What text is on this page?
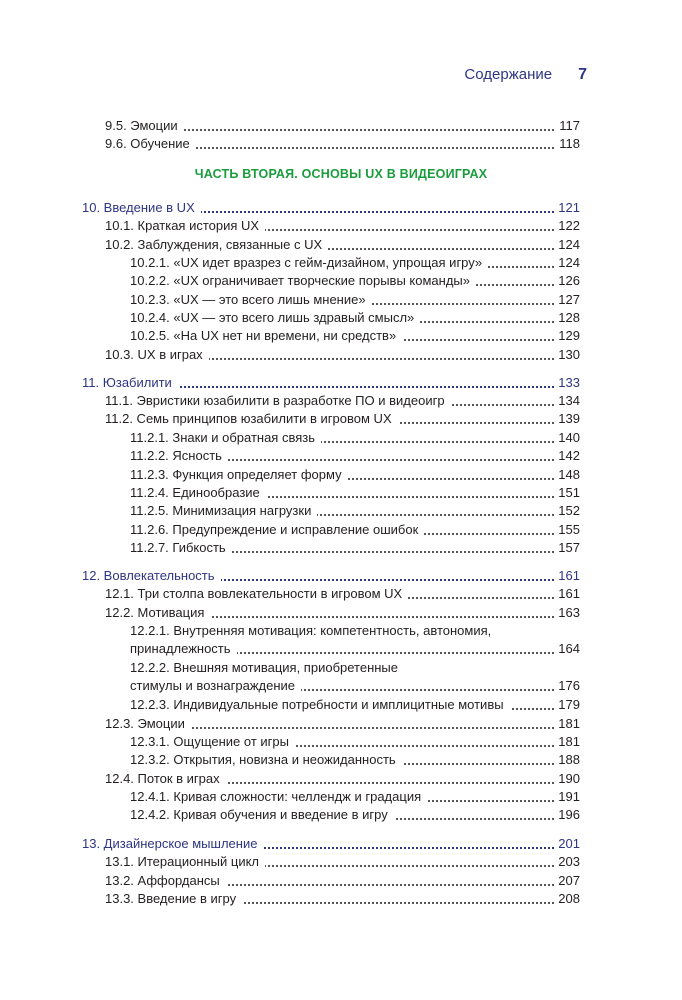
Содержание 7
ЧАСТЬ ВТОРАЯ. ОСНОВЫ UX В ВИДЕОИГРАХ
9.5. Эмоции	117
9.6. Обучение	118
10. Введение в UX	121
10.1. Краткая история UX	122
10.2. Заблуждения, связанные с UX	124
10.2.1. «UX идет вразрез с гейм-дизайном, упрощая игру»	124
10.2.2. «UX ограничивает творческие порывы команды»	126
10.2.3. «UX — это всего лишь мнение»	127
10.2.4. «UX — это всего лишь здравый смысл»	128
10.2.5. «На UX нет ни времени, ни средств»	129
10.3. UX в играх	130
11. Юзабилити	133
11.1. Эвристики юзабилити в разработке ПО и видеоигр	134
11.2. Семь принципов юзабилити в игровом UX	139
11.2.1. Знаки и обратная связь	140
11.2.2. Ясность	142
11.2.3. Функция определяет форму	148
11.2.4. Единообразие	151
11.2.5. Минимизация нагрузки	152
11.2.6. Предупреждение и исправление ошибок	155
11.2.7. Гибкость	157
12. Вовлекательность	161
12.1. Три столпа вовлекательности в игровом UX	161
12.2. Мотивация	163
12.2.1. Внутренняя мотивация: компетентность, автономия,
принадлежность	164
12.2.2. Внешняя мотивация, приобретенные
стимулы и вознаграждение	176
12.2.3. Индивидуальные потребности и имплицитные мотивы	179
12.3. Эмоции	181
12.3.1. Ощущение от игры	181
12.3.2. Открытия, новизна и неожиданность	188
12.4. Поток в играх	190
12.4.1. Кривая сложности: челлендж и градация	191
12.4.2. Кривая обучения и введение в игру	196
13. Дизайнерское мышление	201
13.1. Итерационный цикл	203
13.2. Аффордансы	207
13.3. Введение в игру	208
